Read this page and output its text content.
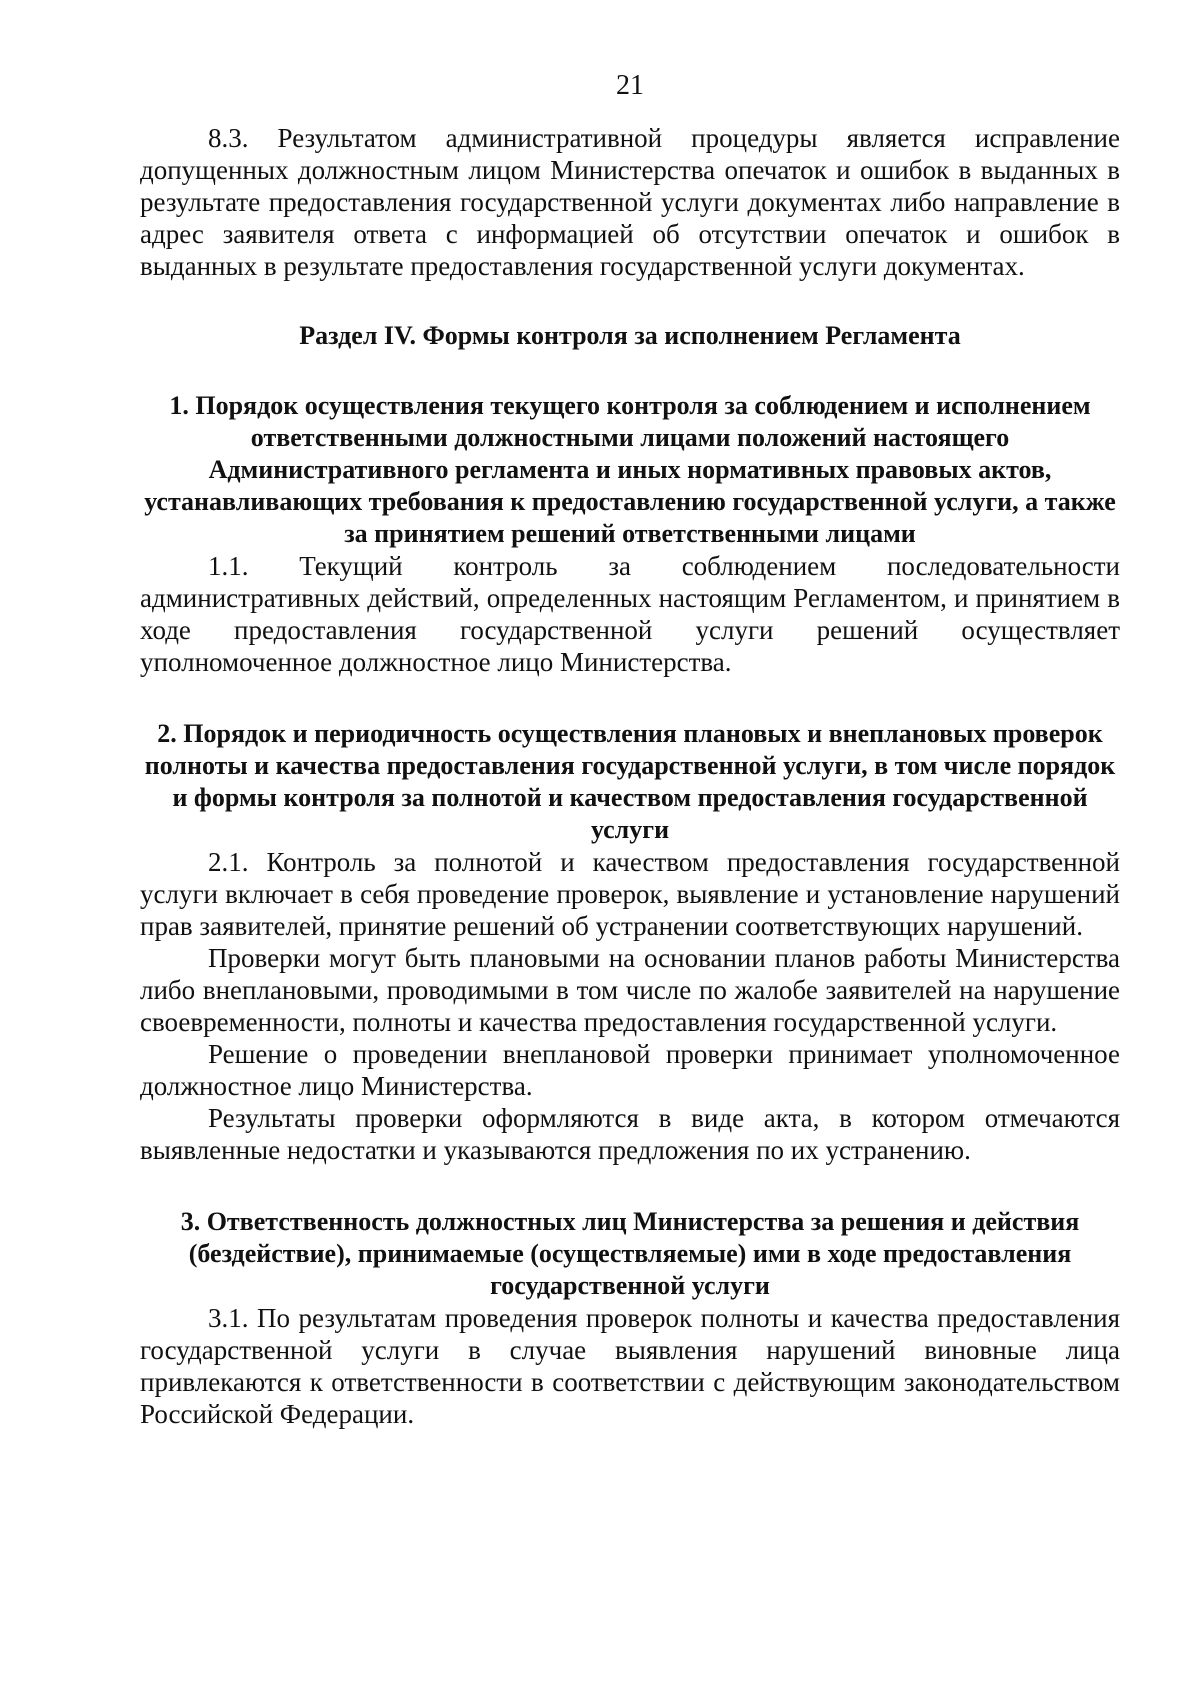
21

8.3. Результатом административной процедуры является исправление допущенных должностным лицом Министерства опечаток и ошибок в выданных в результате предоставления государственной услуги документах либо направление в адрес заявителя ответа с информацией об отсутствии опечаток и ошибок в выданных в результате предоставления государственной услуги документах.

Раздел IV. Формы контроля за исполнением Регламента

1. Порядок осуществления текущего контроля за соблюдением и исполнением ответственными должностными лицами положений настоящего Административного регламента и иных нормативных правовых актов, устанавливающих требования к предоставлению государственной услуги, а также за принятием решений ответственными лицами

1.1. Текущий контроль за соблюдением последовательности административных действий, определенных настоящим Регламентом, и принятием в ходе предоставления государственной услуги решений осуществляет уполномоченное должностное лицо Министерства.

2. Порядок и периодичность осуществления плановых и внеплановых проверок полноты и качества предоставления государственной услуги, в том числе порядок и формы контроля за полнотой и качеством предоставления государственной услуги

2.1. Контроль за полнотой и качеством предоставления государственной услуги включает в себя проведение проверок, выявление и установление нарушений прав заявителей, принятие решений об устранении соответствующих нарушений.

Проверки могут быть плановыми на основании планов работы Министерства либо внеплановыми, проводимыми в том числе по жалобе заявителей на нарушение своевременности, полноты и качества предоставления государственной услуги.

Решение о проведении внеплановой проверки принимает уполномоченное должностное лицо Министерства.

Результаты проверки оформляются в виде акта, в котором отмечаются выявленные недостатки и указываются предложения по их устранению.

3. Ответственность должностных лиц Министерства за решения и действия (бездействие), принимаемые (осуществляемые) ими в ходе предоставления государственной услуги

3.1. По результатам проведения проверок полноты и качества предоставления государственной услуги в случае выявления нарушений виновные лица привлекаются к ответственности в соответствии с действующим законодательством Российской Федерации.
